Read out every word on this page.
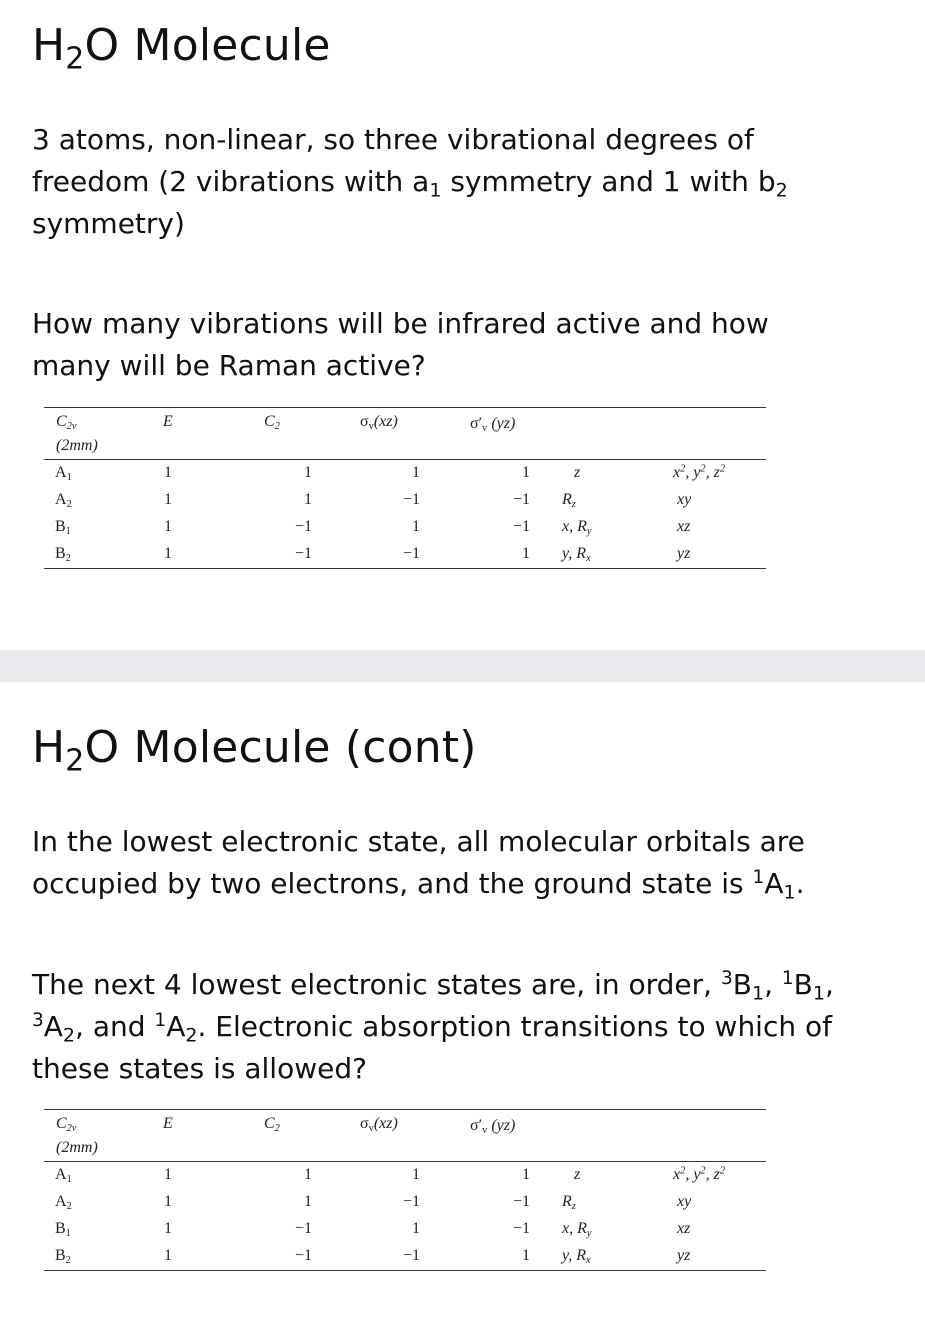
$H_2O$ Molecule

3 atoms, non-linear, so three vibrational degrees of
freedom (2 vibrations with $a_1$ symmetry and 1 with $b_2$
symmetry)

How many vibrations will be infrared active and how
many will be Raman active?

C2v
(2mm)
E	C2	σv(xz)	σ′v (yz)
A1	1	1	1	1	z	$x^2$, $y^2$, $z^2$
A2	1	1	−1	−1 Rz	xy
B1	1	−1	1	−1 x, Ry	xz
B2	1	−1	−1	1 y, Rx	yz
$H_2O$ Molecule (cont)

In the lowest electronic state, all molecular orbitals are
occupied by two electrons, and the ground state is $^1A_1$.

The next 4 lowest electronic states are, in order, $^3B_1$, $^1B_1$,
$^3A_2$, and $^1A_2$. Electronic absorption transitions to which of
these states is allowed?

C2v
(2mm)
E	C2	σv(xz)	σ′v (yz)
A1	1	1	1	1	z	$x^2$, $y^2$, $z^2$
A2	1	1	−1	−1 Rz	xy
B1	1	−1	1	−1 x, Ry	xz
B2	1	−1	−1	1 y, Rx	yz
